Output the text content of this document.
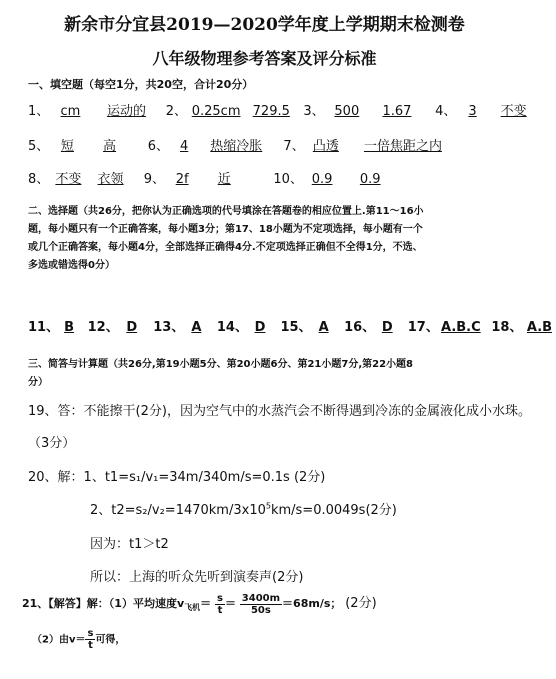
新余市分宜县2019—2020学年度上学期期末检测卷
八年级物理参考答案及评分标准
一、填空题（每空1分，共20空，合计20分）
1、 cm 运动的 2、 0.25cm 729.5 3、 500 1.67 4、 3 不变
5、 短 高 6、 4 热缩冷胀 7、 凸透 一倍焦距之内
8、 不变 衣领 9、 2f 近	10、 0.9 0.9
二、选择题（共26分，把你认为正确选项的代号填涂在答题卷的相应位置上.第11～16小
题，每小题只有一个正确答案，每小题3分；第17、18小题为不定项选择，每小题有一个
或几个正确答案，每小题4分，全部选择正确得4分.不定项选择正确但不全得1分，不选、
多选或错选得0分）
11、 B 12、 D 13、 A 14、 D 15、 A 16、 D 17、 A.B.C 18、 A.B
三、简答与计算题（共26分,第19小题5分、第20小题6分、第21小题7分,第22小题8
分）
19、答：不能擦干(2分)，因为空气中的水蒸汽会不断得遇到冷冻的金属液化成小水珠。
（3分）
20、解：1、t1=s₁/v₁=34m/340m/s=0.1s (2分)
2、$t2=s_2/v_2=1470km/3x10^5km/s=0.0049s(2$分)
因为：t1＞t2
所以：上海的听众先听到演奏声(2分)
21、【解答】解：（1）平均速度$v_{飞机}= \frac{s}{t} = \frac{3400m}{50s} =68m/s$； (2分)
（2）由$v= \frac{s}{t}$ 可得，
